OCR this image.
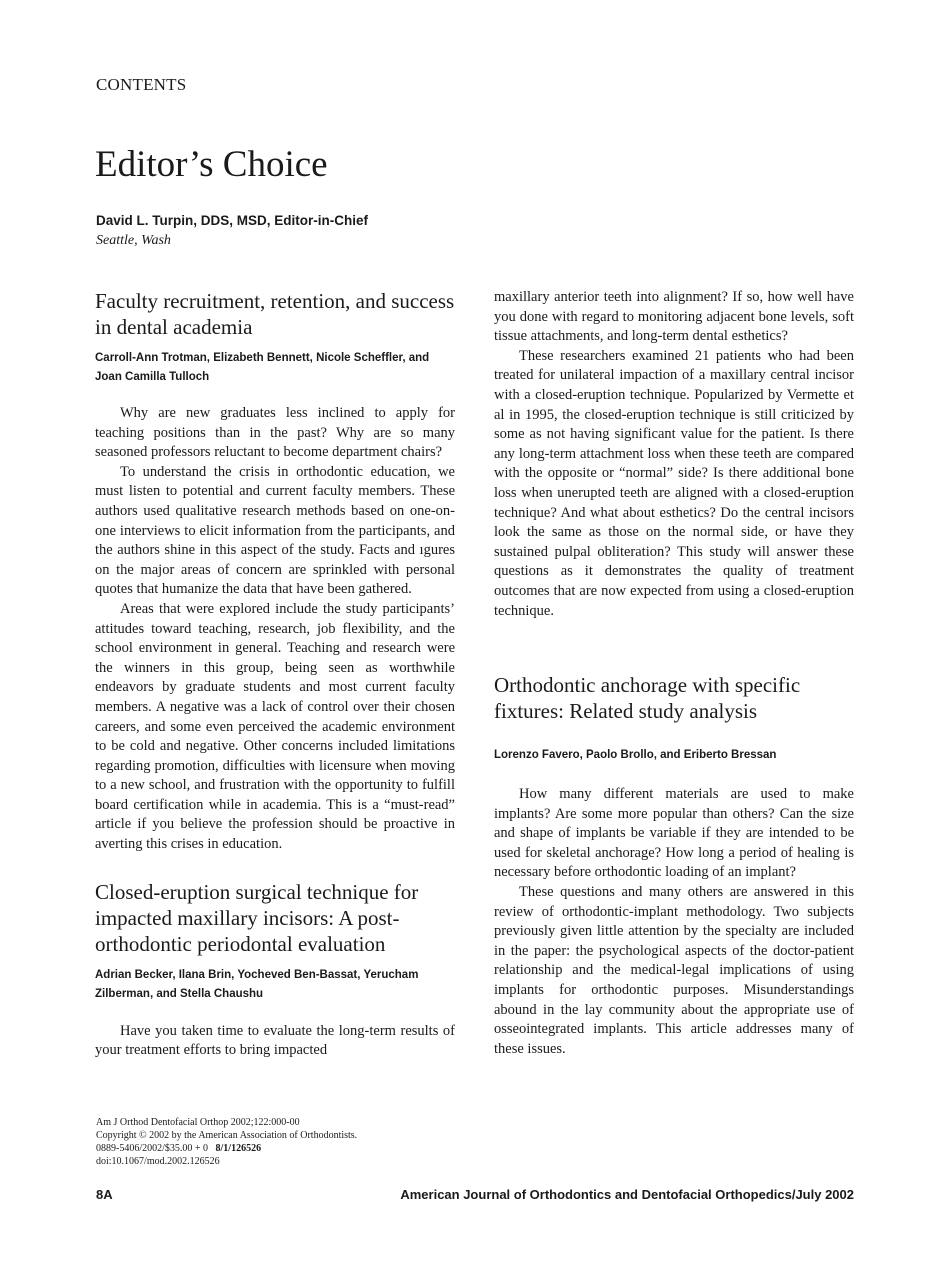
CONTENTS
Editor’s Choice
David L. Turpin, DDS, MSD, Editor-in-Chief
Seattle, Wash
Faculty recruitment, retention, and success in dental academia

Carroll-Ann Trotman, Elizabeth Bennett, Nicole Scheffler, and Joan Camilla Tulloch

Why are new graduates less inclined to apply for teaching positions than in the past? Why are so many seasoned professors reluctant to become department chairs?

To understand the crisis in orthodontic education, we must listen to potential and current faculty members. These authors used qualitative research methods based on one-on-one interviews to elicit information from the participants, and the authors shine in this aspect of the study. Facts and ıgures on the major areas of concern are sprinkled with personal quotes that humanize the data that have been gathered.

Areas that were explored include the study participants’ attitudes toward teaching, research, job flexibility, and the school environment in general. Teaching and research were the winners in this group, being seen as worthwhile endeavors by graduate students and most current faculty members. A negative was a lack of control over their chosen careers, and some even perceived the academic environment to be cold and negative. Other concerns included limitations regarding promotion, difficulties with licensure when moving to a new school, and frustration with the opportunity to fulfill board certification while in academia. This is a “must-read” article if you believe the profession should be proactive in averting this crises in education.

Closed-eruption surgical technique for impacted maxillary incisors: A post-orthodontic periodontal evaluation

Adrian Becker, Ilana Brin, Yocheved Ben-Bassat, Yerucham Zilberman, and Stella Chaushu

Have you taken time to evaluate the long-term results of your treatment efforts to bring impacted

maxillary anterior teeth into alignment? If so, how well have you done with regard to monitoring adjacent bone levels, soft tissue attachments, and long-term dental esthetics?

These researchers examined 21 patients who had been treated for unilateral impaction of a maxillary central incisor with a closed-eruption technique. Popularized by Vermette et al in 1995, the closed-eruption technique is still criticized by some as not having significant value for the patient. Is there any long-term attachment loss when these teeth are compared with the opposite or “normal” side? Is there additional bone loss when unerupted teeth are aligned with a closed-eruption technique? And what about esthetics? Do the central incisors look the same as those on the normal side, or have they sustained pulpal obliteration? This study will answer these questions as it demonstrates the quality of treatment outcomes that are now expected from using a closed-eruption technique.

Orthodontic anchorage with specific fixtures: Related study analysis

Lorenzo Favero, Paolo Brollo, and Eriberto Bressan

How many different materials are used to make implants? Are some more popular than others? Can the size and shape of implants be variable if they are intended to be used for skeletal anchorage? How long a period of healing is necessary before orthodontic loading of an implant?

These questions and many others are answered in this review of orthodontic-implant methodology. Two subjects previously given little attention by the specialty are included in the paper: the psychological aspects of the doctor-patient relationship and the medical-legal implications of using implants for orthodontic purposes. Misunderstandings abound in the lay community about the appropriate use of osseointegrated implants. This article addresses many of these issues.

Am J Orthod Dentofacial Orthop 2002;122:000-00
Copyright © 2002 by the American Association of Orthodontists.
0889-5406/2002/$35.00 + 0 8/1/126526
doi:10.1067/mod.2002.126526
8A	American Journal of Orthodontics and Dentofacial Orthopedics/July 2002
